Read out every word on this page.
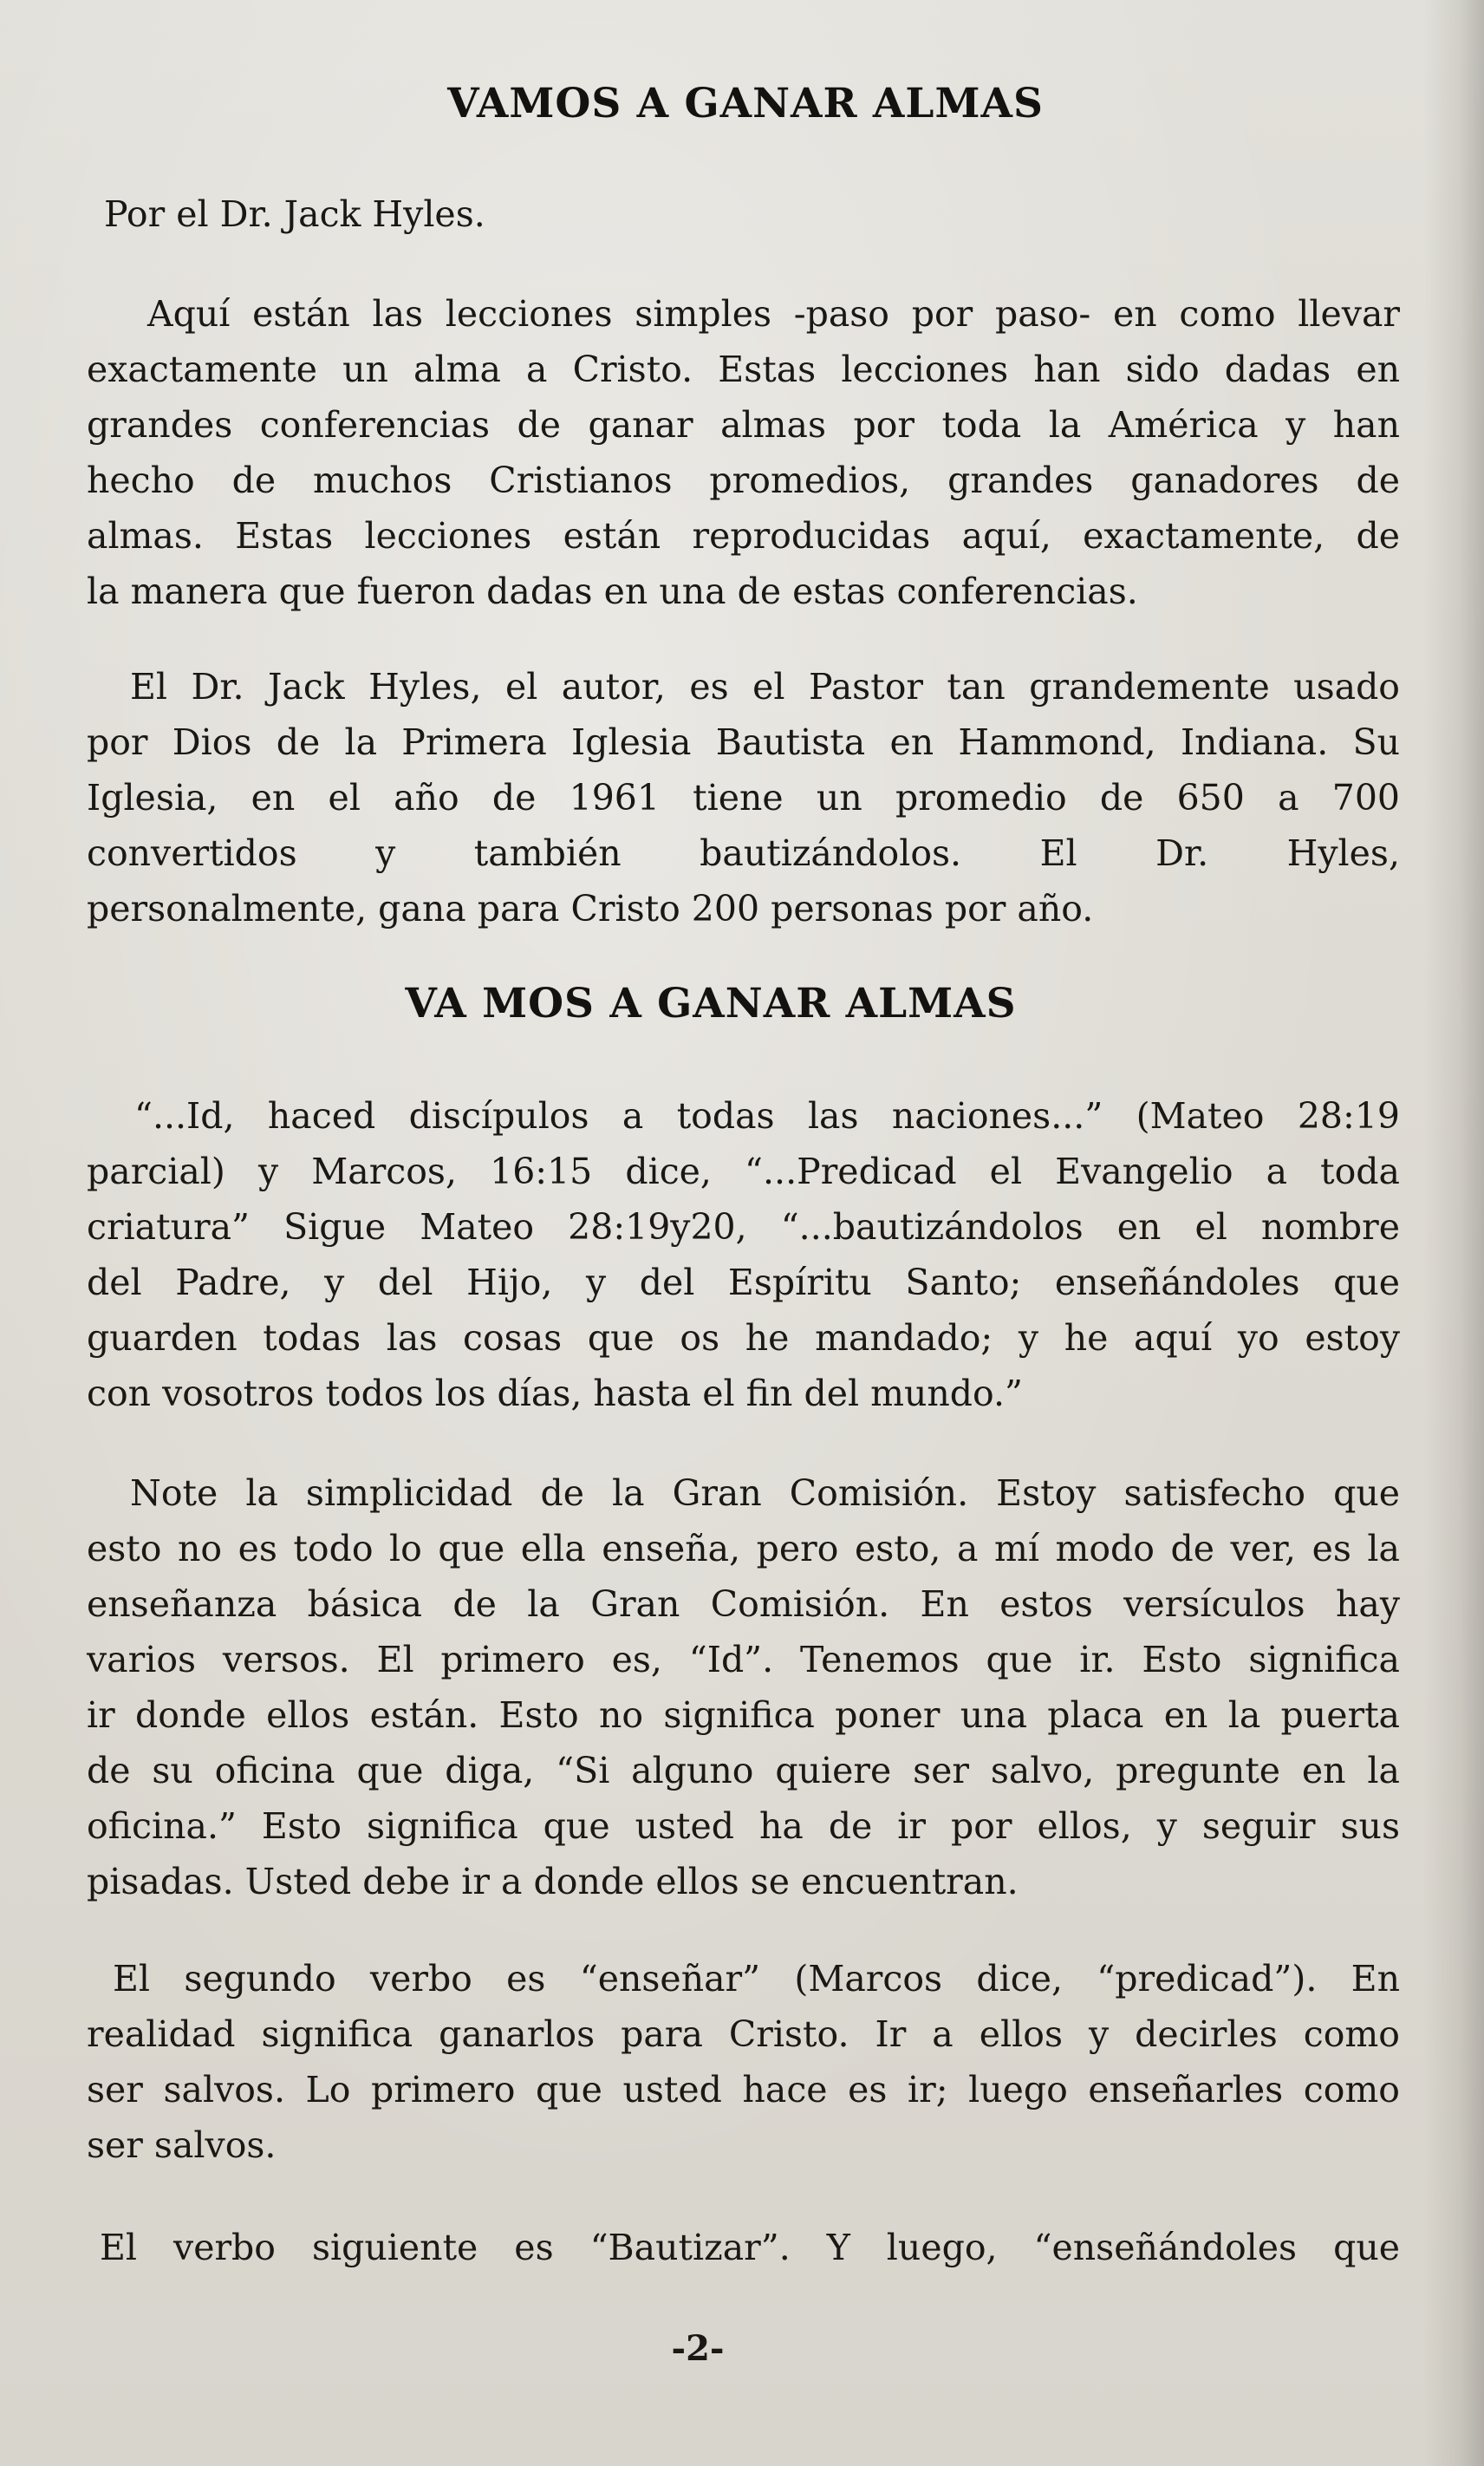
VAMOS A GANAR ALMAS
Por el Dr. Jack Hyles.
Aquí están las lecciones simples -paso por paso- en como llevar
exactamente un alma a Cristo. Estas lecciones han sido dadas en
grandes conferencias de ganar almas por toda la América y han
hecho de muchos Cristianos promedios, grandes ganadores de
almas. Estas lecciones están reproducidas aquí, exactamente, de
la manera que fueron dadas en una de estas conferencias.
El Dr. Jack Hyles, el autor, es el Pastor tan grandemente usado
por Dios de la Primera Iglesia Bautista en Hammond, Indiana. Su
Iglesia, en el año de 1961 tiene un promedio de 650 a 700
convertidos y también bautizándolos. El Dr. Hyles,
personalmente, gana para Cristo 200 personas por año.
VA MOS A GANAR ALMAS
“...Id, haced discípulos a todas las naciones...” (Mateo 28:19
parcial) y Marcos, 16:15 dice, “...Predicad el Evangelio a toda
criatura” Sigue Mateo 28:19y20, “...bautizándolos en el nombre
del Padre, y del Hijo, y del Espíritu Santo; enseñándoles que
guarden todas las cosas que os he mandado; y he aquí yo estoy
con vosotros todos los días, hasta el fin del mundo.”
Note la simplicidad de la Gran Comisión. Estoy satisfecho que
esto no es todo lo que ella enseña, pero esto, a mí modo de ver, es la
enseñanza básica de la Gran Comisión. En estos versículos hay
varios versos. El primero es, “Id”. Tenemos que ir. Esto significa
ir donde ellos están. Esto no significa poner una placa en la puerta
de su oficina que diga, “Si alguno quiere ser salvo, pregunte en la
oficina.” Esto significa que usted ha de ir por ellos, y seguir sus
pisadas. Usted debe ir a donde ellos se encuentran.
El segundo verbo es “enseñar” (Marcos dice, “predicad”). En
realidad significa ganarlos para Cristo. Ir a ellos y decirles como
ser salvos. Lo primero que usted hace es ir; luego enseñarles como
ser salvos.
El verbo siguiente es “Bautizar”. Y luego, “enseñándoles que
-2-
